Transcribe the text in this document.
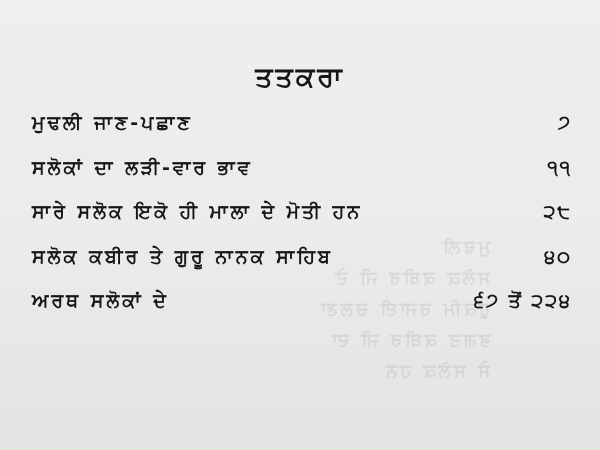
ਮੁਢਲੀ
ਸਲੋਕ ਕਬੀਰ ਜੀ ਦੇ
ਹੁਕਮਿ ਰਜਾਈ ਚਲਣਾ
ਭਗਤ ਕਬੀਰ ਜੀ ਦਾ
ਸੇ ਸਲੋਕ ਹਨ
ਤਤਕਰਾ
ਮੁਢਲੀ ਜਾਣ-ਪਛਾਣ	੭
ਸਲੋਕਾਂ ਦਾ ਲੜੀ-ਵਾਰ ਭਾਵ	੧੧
ਸਾਰੇ ਸਲੋਕ ਇਕੋ ਹੀ ਮਾਲਾ ਦੇ ਮੋਤੀ ਹਨ	੨੮
ਸਲੋਕ ਕਬੀਰ ਤੇ ਗੁਰੂ ਨਾਨਕ ਸਾਹਿਬ	੪੦
ਅਰਥ ਸਲੋਕਾਂ ਦੇ	੬੭ ਤੋਂ ੨੨੪
